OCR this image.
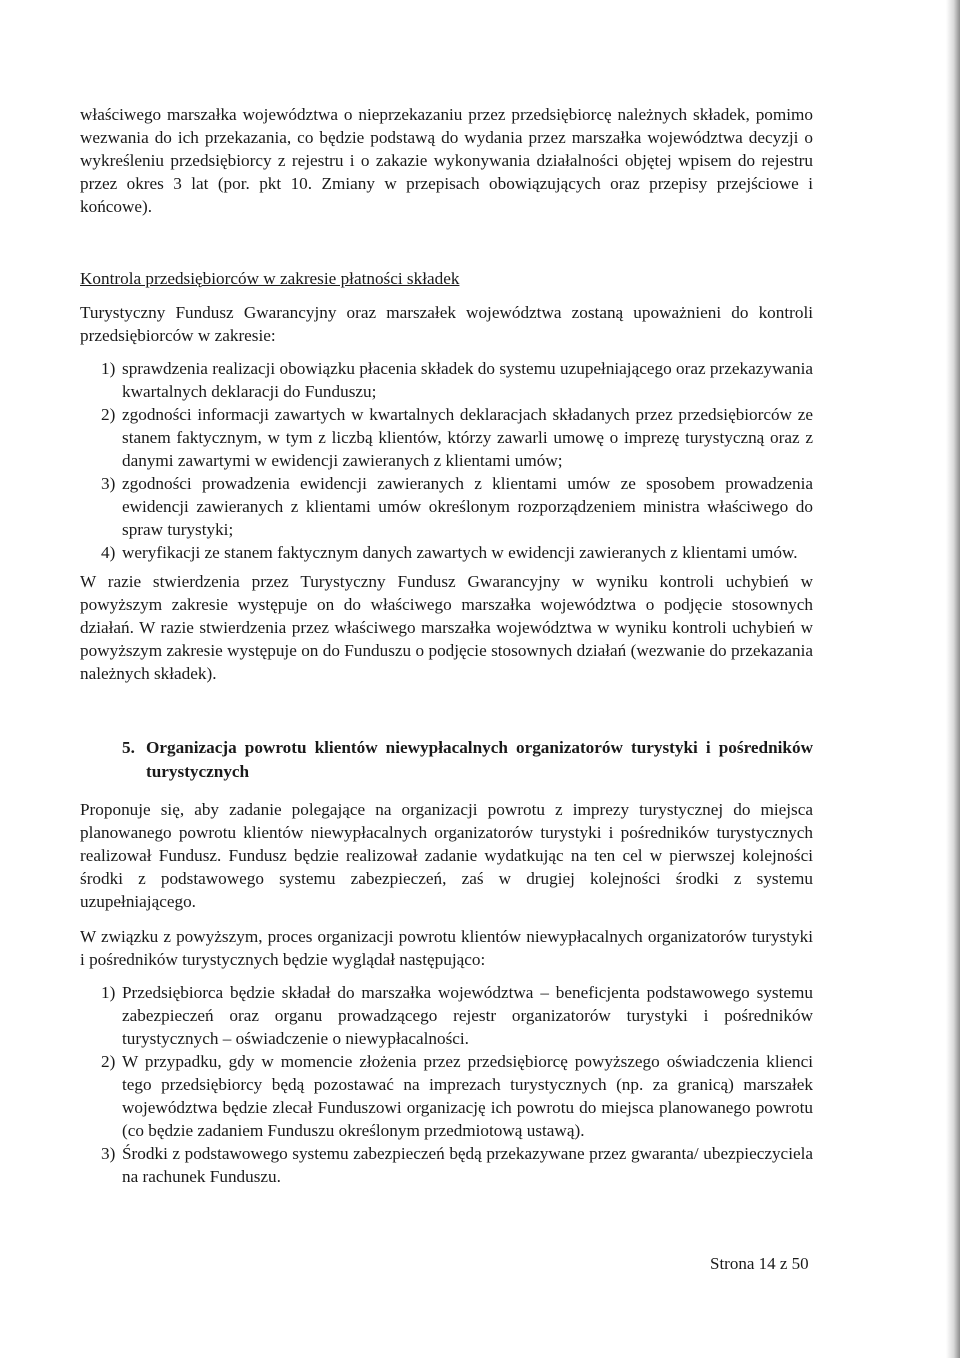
właściwego marszałka województwa o nieprzekazaniu przez przedsiębiorcę należnych składek, pomimo wezwania do ich przekazania, co będzie podstawą do wydania przez marszałka województwa decyzji o wykreśleniu przedsiębiorcy z rejestru i o zakazie wykonywania działalności objętej wpisem do rejestru przez okres 3 lat (por. pkt 10. Zmiany w przepisach obowiązujących oraz przepisy przejściowe i końcowe).

Kontrola przedsiębiorców w zakresie płatności składek

Turystyczny Fundusz Gwarancyjny oraz marszałek województwa zostaną upoważnieni do kontroli przedsiębiorców w zakresie:

1) sprawdzenia realizacji obowiązku płacenia składek do systemu uzupełniającego oraz przekazywania kwartalnych deklaracji do Funduszu;
2) zgodności informacji zawartych w kwartalnych deklaracjach składanych przez przedsiębiorców ze stanem faktycznym, w tym z liczbą klientów, którzy zawarli umowę o imprezę turystyczną oraz z danymi zawartymi w ewidencji zawieranych z klientami umów;
3) zgodności prowadzenia ewidencji zawieranych z klientami umów ze sposobem prowadzenia ewidencji zawieranych z klientami umów określonym rozporządzeniem ministra właściwego do spraw turystyki;
4) weryfikacji ze stanem faktycznym danych zawartych w ewidencji zawieranych z klientami umów.

W razie stwierdzenia przez Turystyczny Fundusz Gwarancyjny w wyniku kontroli uchybień w powyższym zakresie występuje on do właściwego marszałka województwa o podjęcie stosownych działań. W razie stwierdzenia przez właściwego marszałka województwa w wyniku kontroli uchybień w powyższym zakresie występuje on do Funduszu o podjęcie stosownych działań (wezwanie do przekazania należnych składek).

5. Organizacja powrotu klientów niewypłacalnych organizatorów turystyki i pośredników turystycznych

Proponuje się, aby zadanie polegające na organizacji powrotu z imprezy turystycznej do miejsca planowanego powrotu klientów niewypłacalnych organizatorów turystyki i pośredników turystycznych realizował Fundusz. Fundusz będzie realizował zadanie wydatkując na ten cel w pierwszej kolejności środki z podstawowego systemu zabezpieczeń, zaś w drugiej kolejności środki z systemu uzupełniającego.

W związku z powyższym, proces organizacji powrotu klientów niewypłacalnych organizatorów turystyki i pośredników turystycznych będzie wyglądał następująco:

1) Przedsiębiorca będzie składał do marszałka województwa – beneficjenta podstawowego systemu zabezpieczeń oraz organu prowadzącego rejestr organizatorów turystyki i pośredników turystycznych – oświadczenie o niewypłacalności.
2) W przypadku, gdy w momencie złożenia przez przedsiębiorcę powyższego oświadczenia klienci tego przedsiębiorcy będą pozostawać na imprezach turystycznych (np. za granicą) marszałek województwa będzie zlecał Funduszowi organizację ich powrotu do miejsca planowanego powrotu (co będzie zadaniem Funduszu określonym przedmiotową ustawą).
3) Środki z podstawowego systemu zabezpieczeń będą przekazywane przez gwaranta/ ubezpieczyciela na rachunek Funduszu.
Strona 14 z 50
